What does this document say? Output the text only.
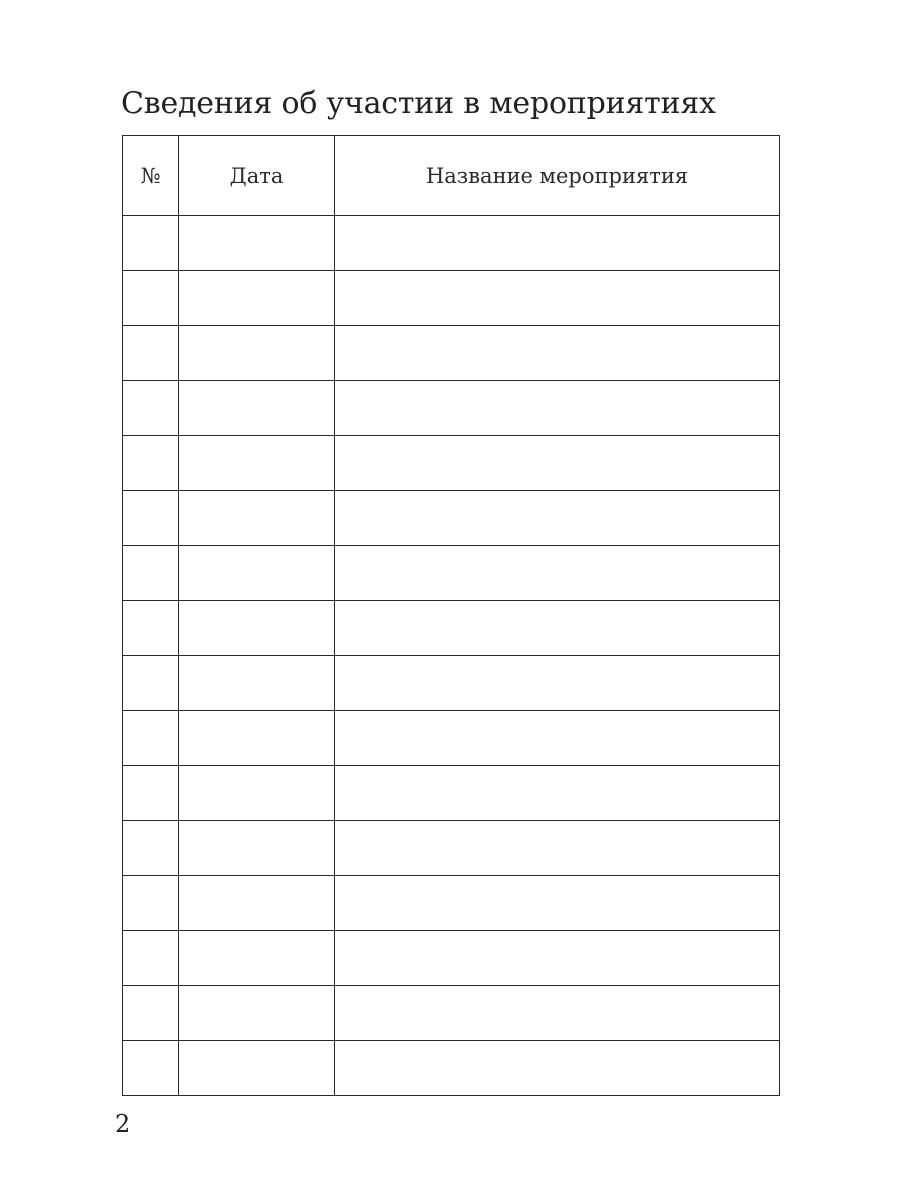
Сведения об участии в мероприятиях
№	Дата	Название мероприятия

2
